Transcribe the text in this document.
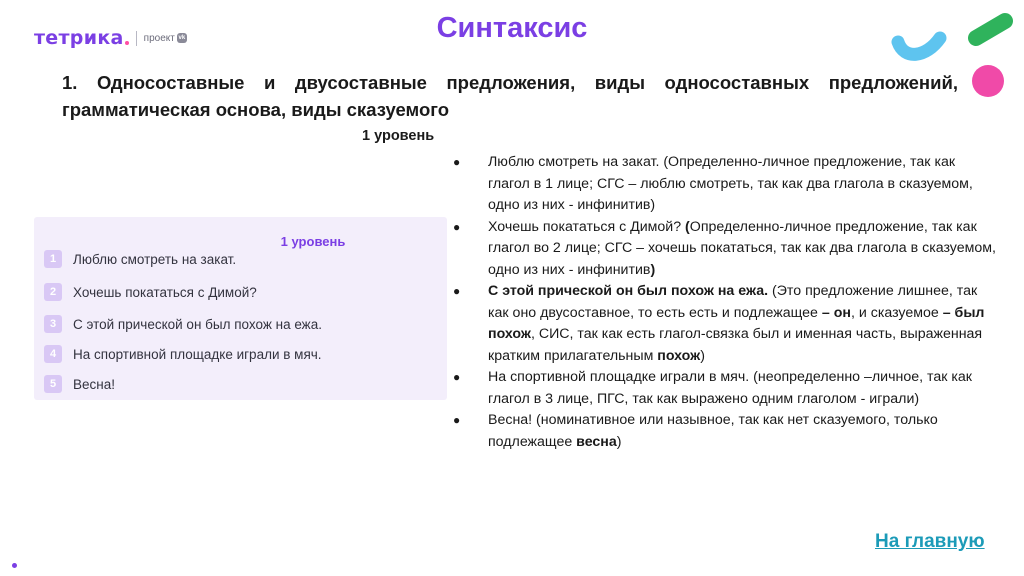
тетрика проект vk	Синтаксис
1. Односоставные и двусоставные предложения, виды односоставных предложений, грамматическая основа, виды сказуемого
1 уровень
1 уровень
1	Люблю смотреть на закат.
2	Хочешь покататься с Димой?
3	С этой прической он был похож на ежа.
4	На спортивной площадке играли в мяч.
5	Весна!
● Люблю смотреть на закат. (Определенно-личное предложение, так как глагол в 1 лице; СГС – люблю смотреть, так как два глагола в сказуемом, одно из них - инфинитив)
● Хочешь покататься с Димой? (Определенно-личное предложение, так как глагол во 2 лице; СГС – хочешь покататься, так как два глагола в сказуемом, одно из них - инфинитив)
● С этой прической он был похож на ежа. (Это предложение лишнее, так как оно двусоставное, то есть есть и подлежащее – он, и сказуемое – был похож, СИС, так как есть глагол-связка был и именная часть, выраженная кратким прилагательным похож)
● На спортивной площадке играли в мяч. (неопределенно –личное, так как глагол в 3 лице, ПГС, так как выражено одним глаголом - играли)
● Весна! (номинативное или назывное, так как нет сказуемого, только подлежащее весна)
На главную
